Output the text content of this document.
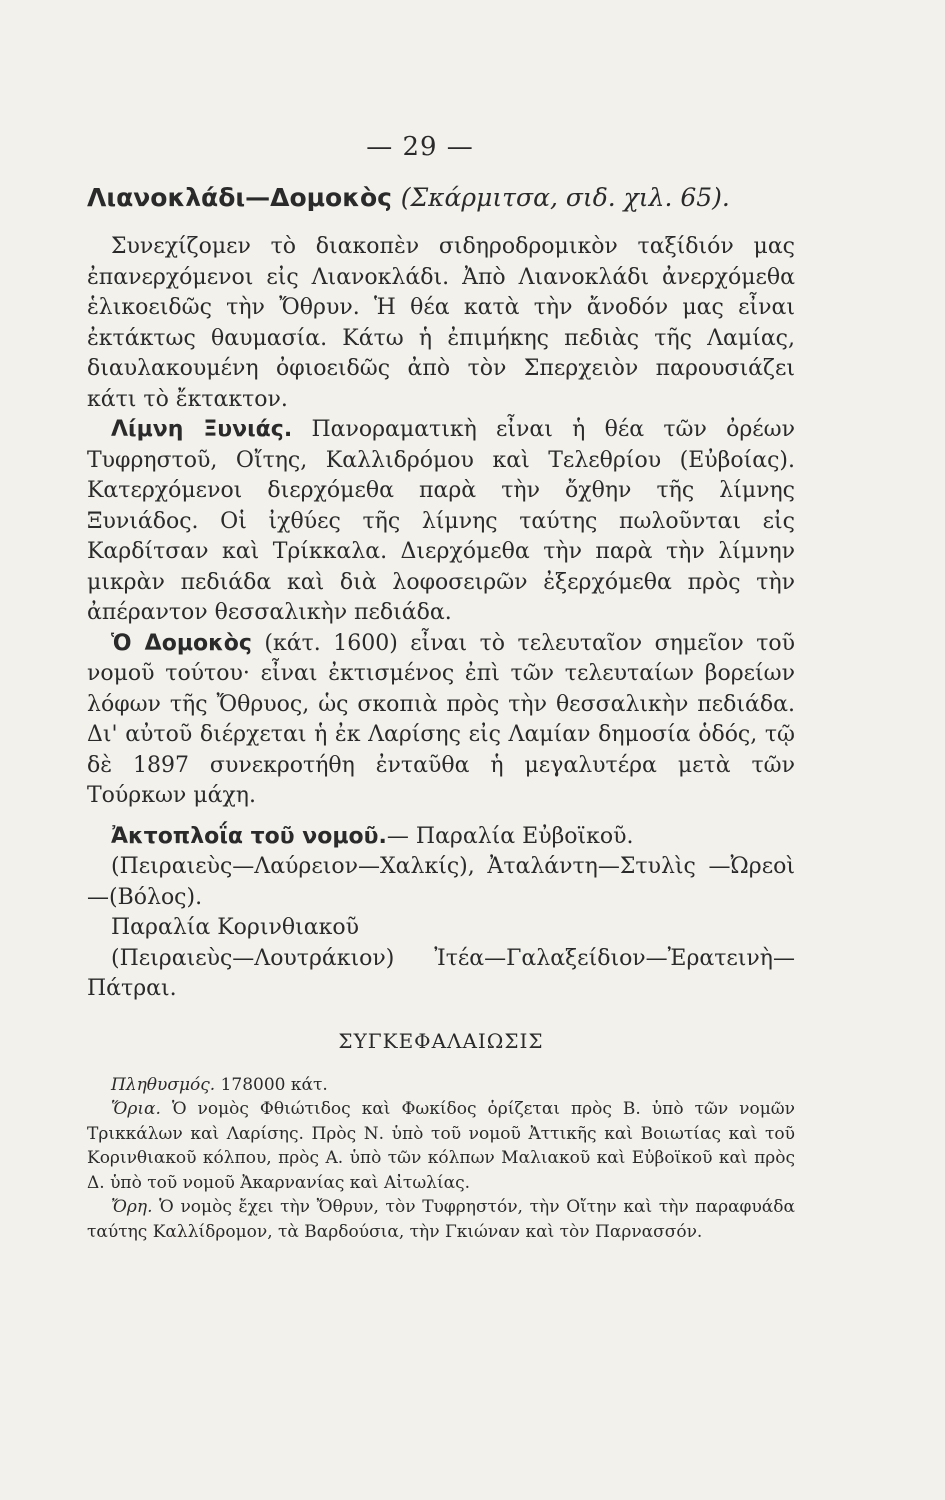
— 29 —
Λιανοκλάδι—Δομοκὸς (Σκάρμιτσα, σιδ. χιλ. 65).

Συνεχίζομεν τὸ διακοπὲν σιδηροδρομικὸν ταξίδιόν μας ἐπανερχόμενοι εἰς Λιανοκλάδι. Ἀπὸ Λιανοκλάδι ἀνερχόμεθα ἑλικοειδῶς τὴν Ὄθρυν. Ἡ θέα κατὰ τὴν ἄνοδόν μας εἶναι ἐκτάκτως θαυμασία. Κάτω ἡ ἐπιμήκης πεδιὰς τῆς Λαμίας, διαυλακουμένη ὀφιοειδῶς ἀπὸ τὸν Σπερχειὸν παρουσιάζει κάτι τὸ ἔκτακτον.

Λίμνη Ξυνιάς. Πανοραματικὴ εἶναι ἡ θέα τῶν ὀρέων Τυφρηστοῦ, Οἴτης, Καλλιδρόμου καὶ Τελεθρίου (Εὐβοίας). Κατερχόμενοι διερχόμεθα παρὰ τὴν ὄχθην τῆς λίμνης Ξυνιάδος. Οἱ ἰχθύες τῆς λίμνης ταύτης πωλοῦνται εἰς Καρδίτσαν καὶ Τρίκκαλα. Διερχόμεθα τὴν παρὰ τὴν λίμνην μικρὰν πεδιάδα καὶ διὰ λοφοσειρῶν ἐξερχόμεθα πρὸς τὴν ἀπέραντον θεσσαλικὴν πεδιάδα.

Ὁ Δομοκὸς (κάτ. 1600) εἶναι τὸ τελευταῖον σημεῖον τοῦ νομοῦ τούτου· εἶναι ἐκτισμένος ἐπὶ τῶν τελευταίων βορείων λόφων τῆς Ὄθρυος, ὡς σκοπιὰ πρὸς τὴν θεσσαλικὴν πεδιάδα. Δι' αὐτοῦ διέρχεται ἡ ἐκ Λαρίσης εἰς Λαμίαν δημοσία ὁδός, τῷ δὲ 1897 συνεκροτήθη ἐνταῦθα ἡ μεγαλυτέρα μετὰ τῶν Τούρκων μάχη.

Ἀκτοπλοΐα τοῦ νομοῦ.— Παραλία Εὐβοϊκοῦ.

(Πειραιεὺς—Λαύρειον—Χαλκίς), Ἀταλάντη—Στυλὶς —Ὠρεοὶ—(Βόλος).

Παραλία Κορινθιακοῦ

(Πειραιεὺς—Λουτράκιον) Ἰτέα—Γαλαξείδιον—Ἐρατεινὴ—Πάτραι.

ΣΥΓΚΕΦΑΛΑΙΩΣΙΣ

Πληθυσμός. 178000 κάτ.

Ὅρια. Ὁ νομὸς Φθιώτιδος καὶ Φωκίδος ὁρίζεται πρὸς Β. ὑπὸ τῶν νομῶν Τρικκάλων καὶ Λαρίσης. Πρὸς Ν. ὑπὸ τοῦ νομοῦ Ἀττικῆς καὶ Βοιωτίας καὶ τοῦ Κορινθιακοῦ κόλπου, πρὸς Α. ὑπὸ τῶν κόλπων Μαλιακοῦ καὶ Εὐβοϊκοῦ καὶ πρὸς Δ. ὑπὸ τοῦ νομοῦ Ἀκαρνανίας καὶ Αἰτωλίας.

Ὄρη. Ὁ νομὸς ἔχει τὴν Ὄθρυν, τὸν Τυφρηστόν, τὴν Οἴτην καὶ τὴν παραφυάδα ταύτης Καλλίδρομον, τὰ Βαρδούσια, τὴν Γκιώναν καὶ τὸν Παρνασσόν.
